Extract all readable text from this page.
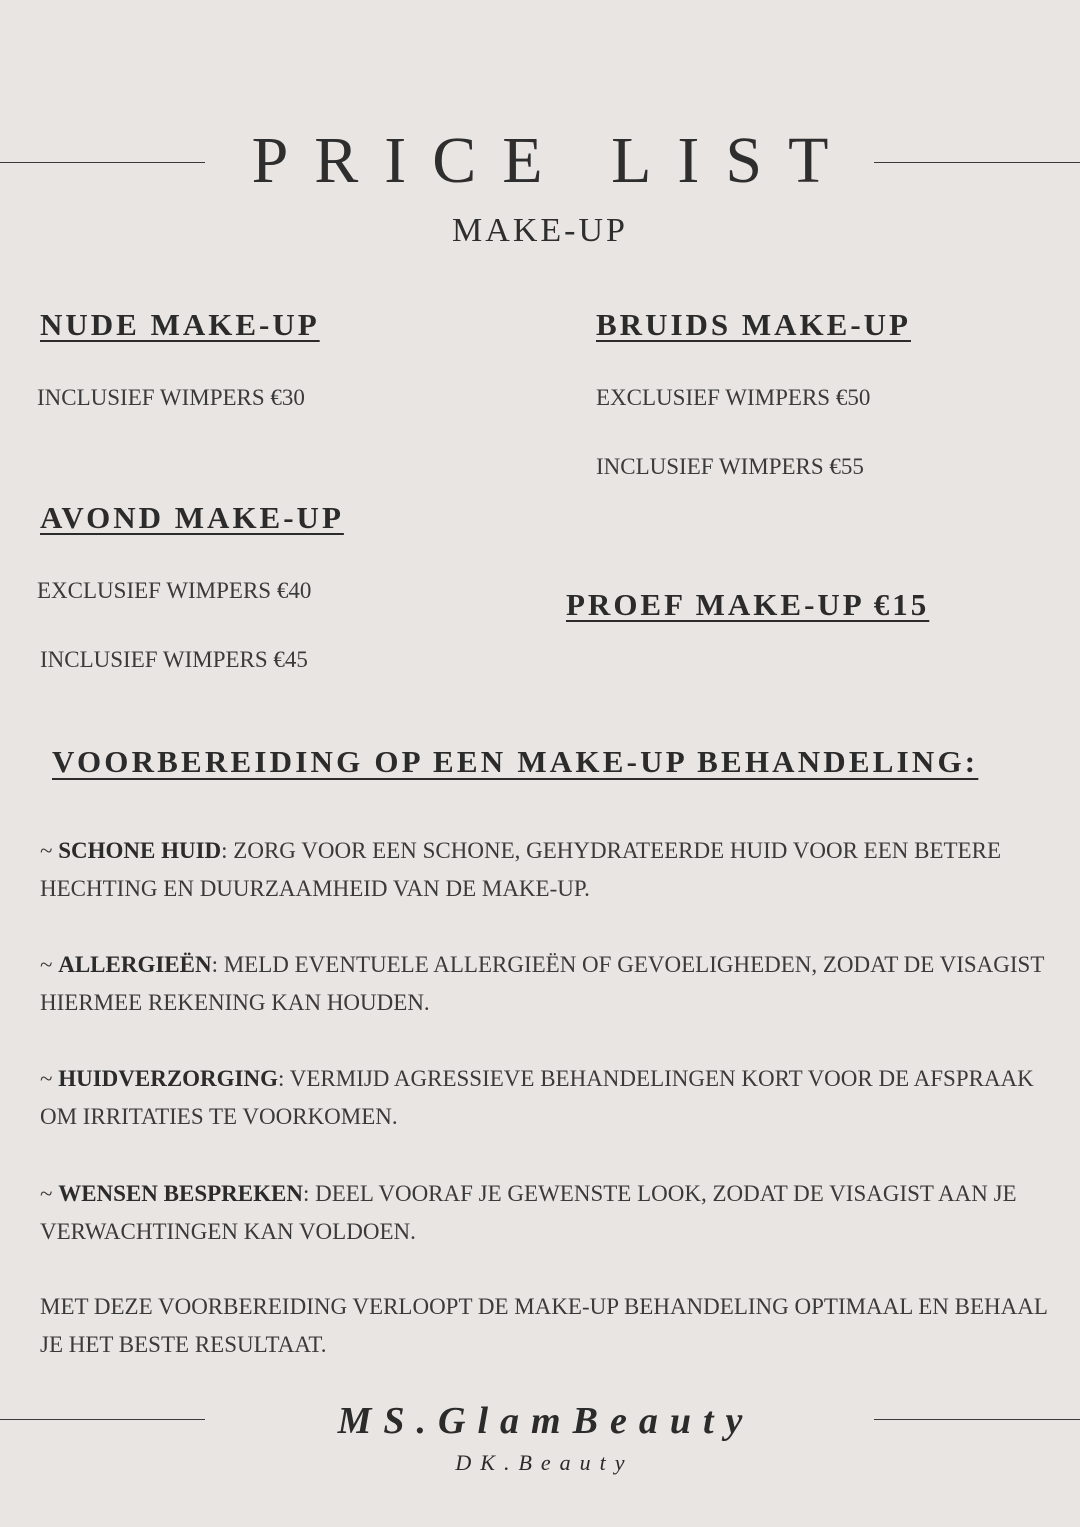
PRICE LIST
MAKE-UP
NUDE MAKE-UP
INCLUSIEF WIMPERS €30
BRUIDS MAKE-UP
EXCLUSIEF WIMPERS €50
INCLUSIEF WIMPERS €55
AVOND MAKE-UP
EXCLUSIEF WIMPERS €40
INCLUSIEF WIMPERS €45
PROEF MAKE-UP €15
VOORBEREIDING OP EEN MAKE-UP BEHANDELING:

~ SCHONE HUID: ZORG VOOR EEN SCHONE, GEHYDRATEERDE HUID VOOR EEN BETERE HECHTING EN DUURZAAMHEID VAN DE MAKE-UP.

~ ALLERGIEËN: MELD EVENTUELE ALLERGIEËN OF GEVOELIGHEDEN, ZODAT DE VISAGIST HIERMEE REKENING KAN HOUDEN.

~ HUIDVERZORGING: VERMIJD AGRESSIEVE BEHANDELINGEN KORT VOOR DE AFSPRAAK OM IRRITATIES TE VOORKOMEN.

~ WENSEN BESPREKEN: DEEL VOORAF JE GEWENSTE LOOK, ZODAT DE VISAGIST AAN JE VERWACHTINGEN KAN VOLDOEN.

MET DEZE VOORBEREIDING VERLOOPT DE MAKE-UP BEHANDELING OPTIMAAL EN BEHAAL JE HET BESTE RESULTAAT.

MS.GlamBeauty
DK.Beauty
